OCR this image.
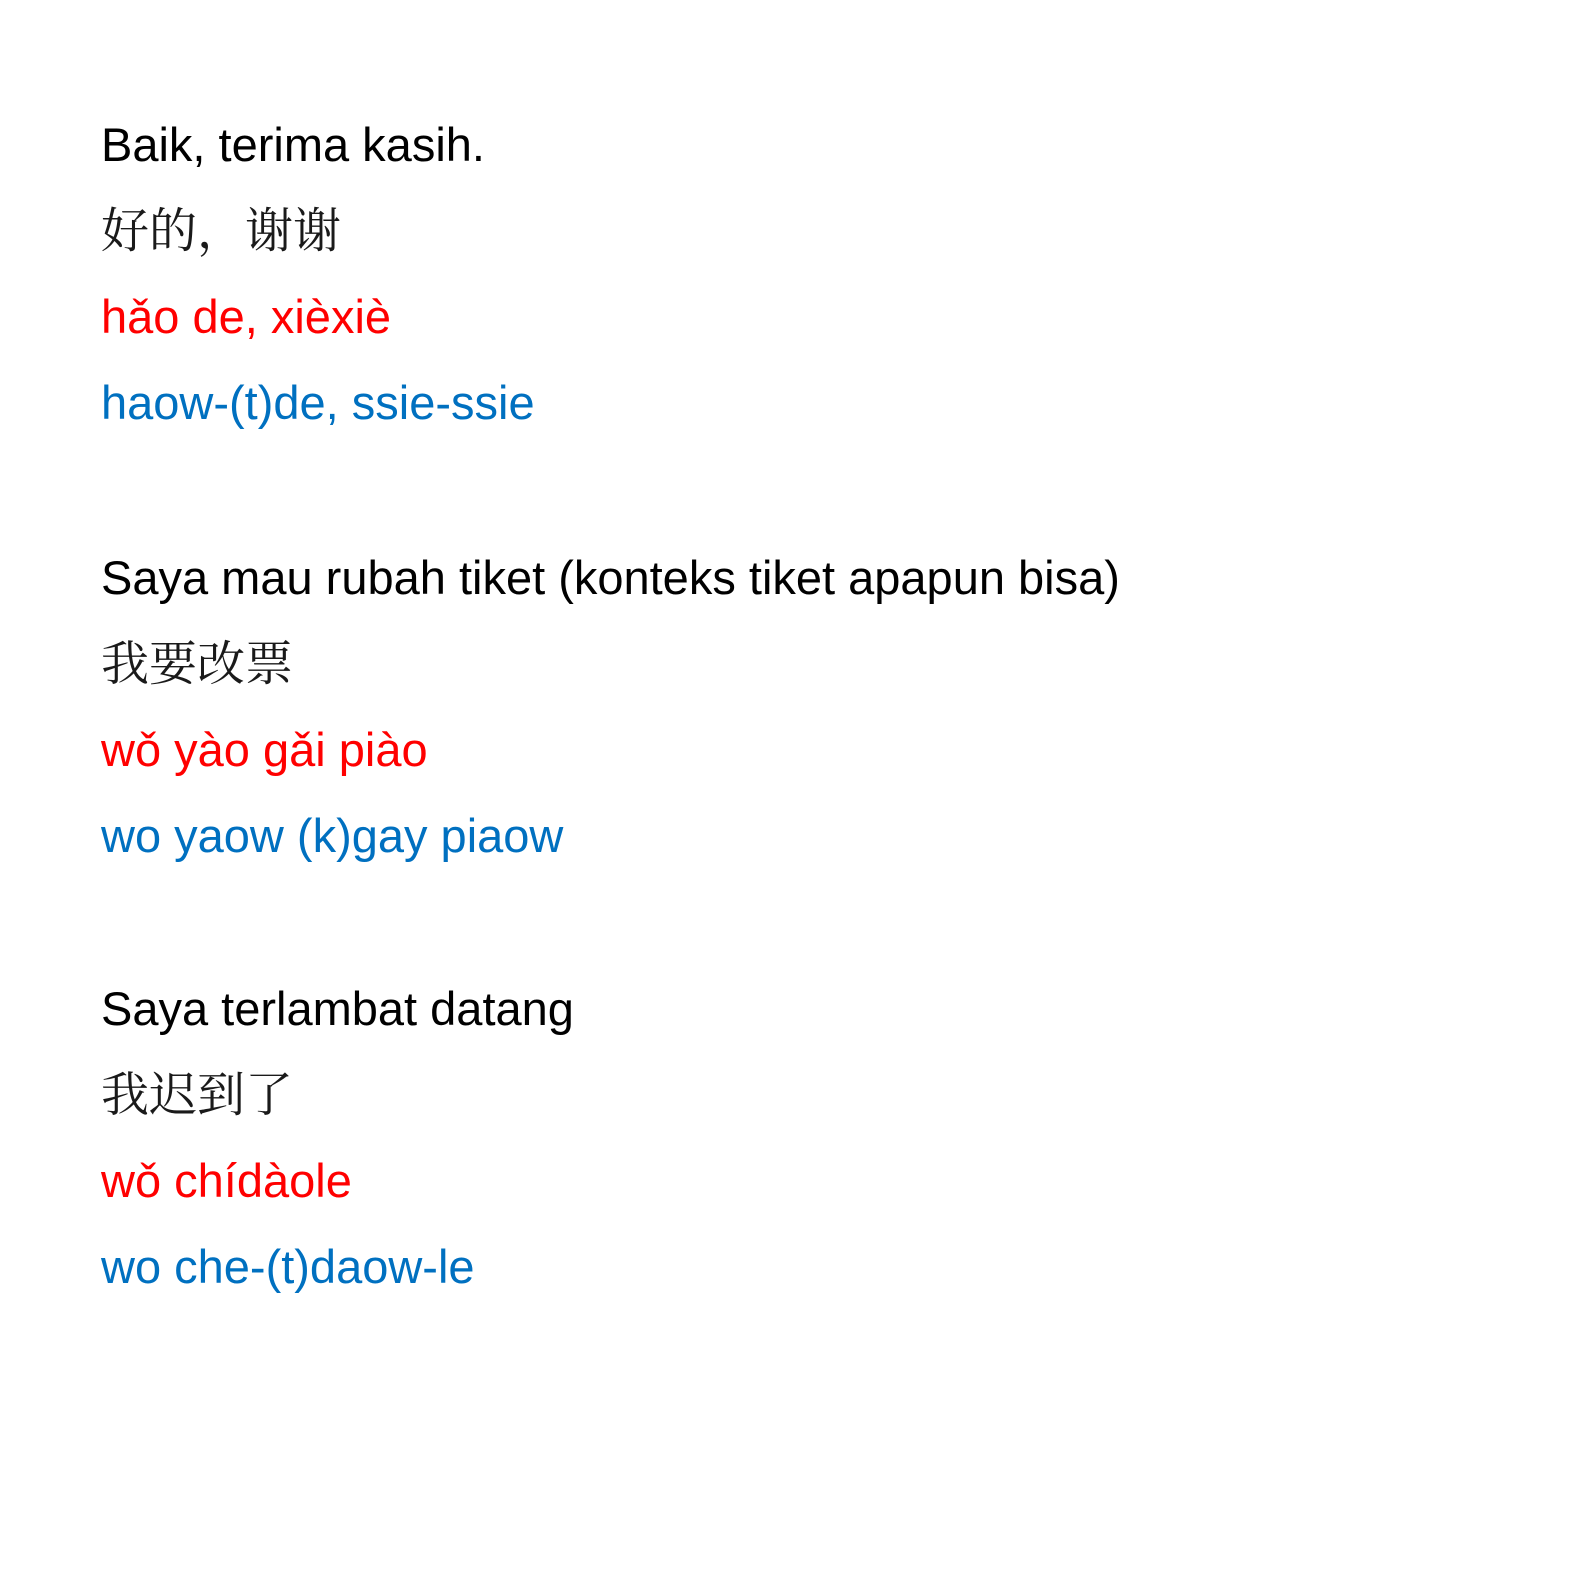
Baik, terima kasih.
好的，谢谢
hǎo de, xièxiè
haow-(t)de, ssie-ssie
Saya mau rubah tiket (konteks tiket apapun bisa)
我要改票
wǒ yào gǎi piào
wo yaow (k)gay piaow
Saya terlambat datang
我迟到了
wǒ chídàole
wo che-(t)daow-le
